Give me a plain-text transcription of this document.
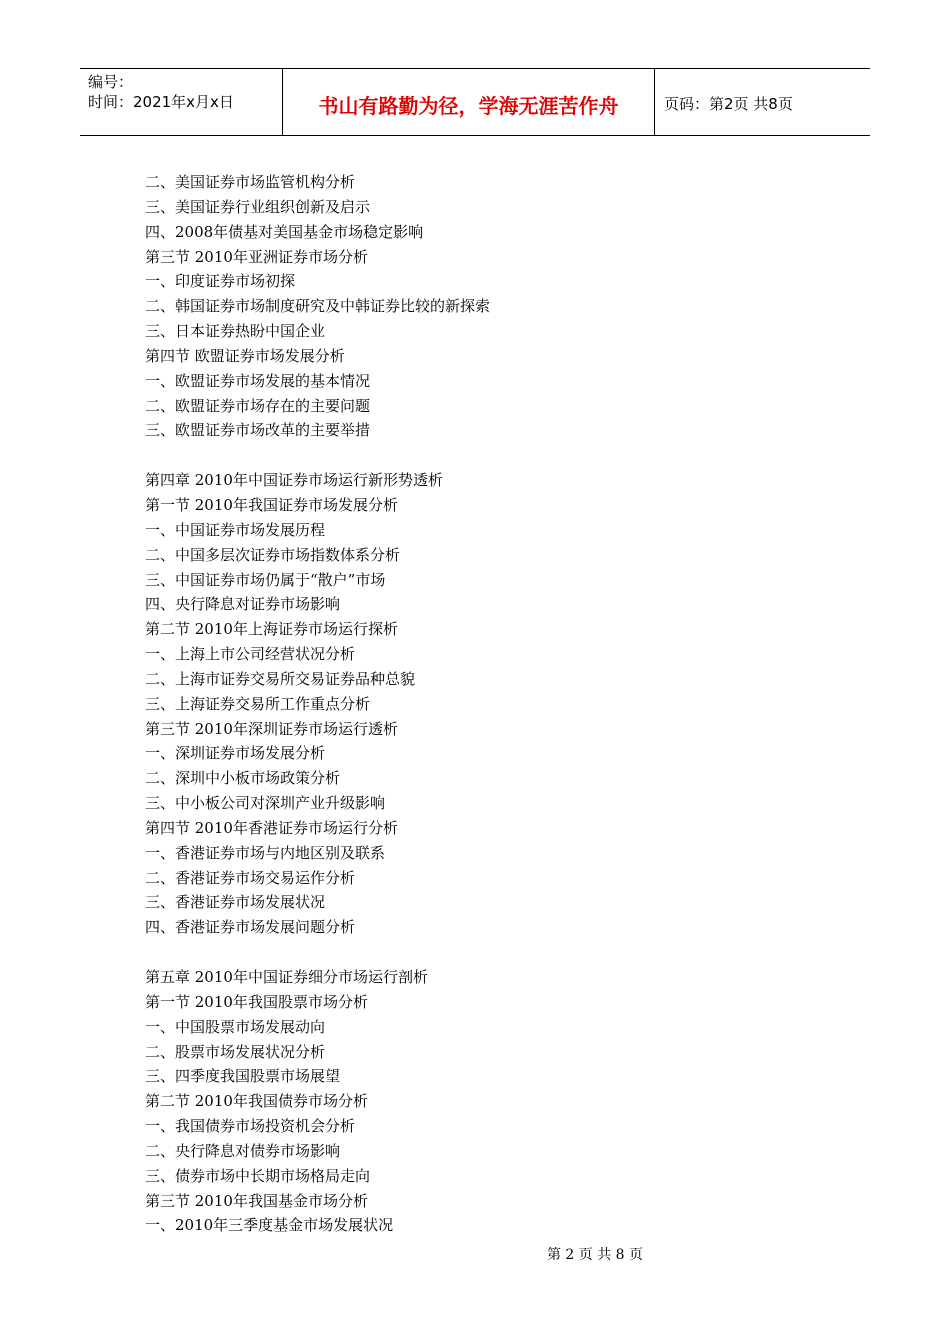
编号：
时间：2021年x月x日	书山有路勤为径，学海无涯苦作舟	页码：第2页 共8页
二、美国证券市场监管机构分析
三、美国证券行业组织创新及启示
四、2008年债基对美国基金市场稳定影响
第三节 2010年亚洲证券市场分析
一、印度证券市场初探
二、韩国证券市场制度研究及中韩证券比较的新探索
三、日本证券热盼中国企业
第四节 欧盟证券市场发展分析
一、欧盟证券市场发展的基本情况
二、欧盟证券市场存在的主要问题
三、欧盟证券市场改革的主要举措
第四章 2010年中国证券市场运行新形势透析
第一节 2010年我国证券市场发展分析
一、中国证券市场发展历程
二、中国多层次证券市场指数体系分析
三、中国证券市场仍属于“散户”市场
四、央行降息对证券市场影响
第二节 2010年上海证券市场运行探析
一、上海上市公司经营状况分析
二、上海市证券交易所交易证券品种总貌
三、上海证券交易所工作重点分析
第三节 2010年深圳证券市场运行透析
一、深圳证券市场发展分析
二、深圳中小板市场政策分析
三、中小板公司对深圳产业升级影响
第四节 2010年香港证券市场运行分析
一、香港证券市场与内地区别及联系
二、香港证券市场交易运作分析
三、香港证券市场发展状况
四、香港证券市场发展问题分析
第五章 2010年中国证券细分市场运行剖析
第一节 2010年我国股票市场分析
一、中国股票市场发展动向
二、股票市场发展状况分析
三、四季度我国股票市场展望
第二节 2010年我国债券市场分析
一、我国债券市场投资机会分析
二、央行降息对债券市场影响
三、债券市场中长期市场格局走向
第三节 2010年我国基金市场分析
一、2010年三季度基金市场发展状况
第 2 页 共 8 页
